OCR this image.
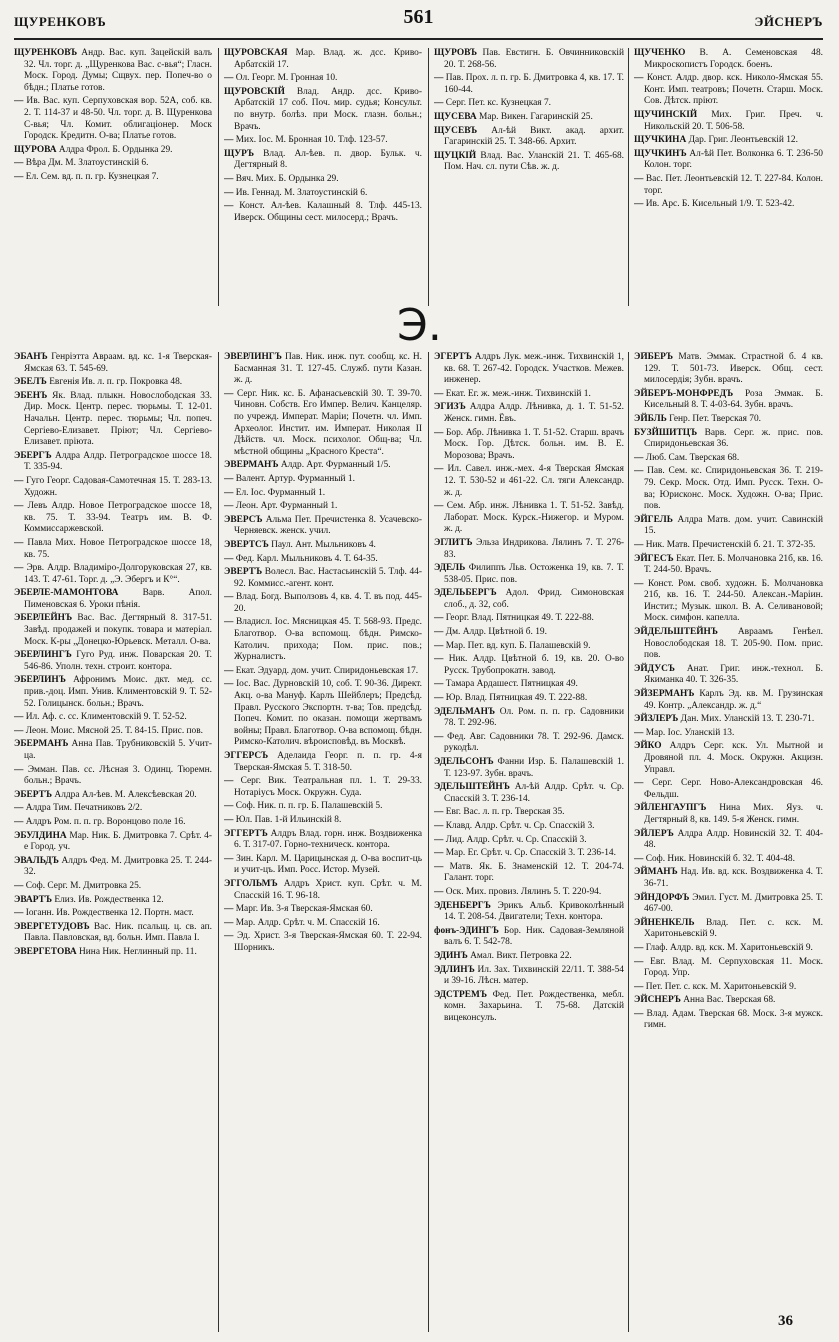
ЩУРЕНКОВЪ	561	ЭЙСНЕРЪ
ЩУРЕНКОВЪ Андр. Вас. куп. Зацейскій валъ 32. Чл. торг. д. „Щуренкова Вас. с-вья“; Гласн. Моск. Город. Думы; Сщвух. пер. Попеч-во о бѣдн.; Платье готов.
— Ив. Вас. куп. Серпуховская вор. 52А, соб. кв. 2. Т. 114-37 и 48-50. Чл. торг. д. В. Щуренкова С-вья; Чл. Комит. облигаціонер. Моск Городск. Кредитн. О-ва; Платье готов.
ЩУРОВА Алдра Фрол. Б. Ордынка 29.
— Вѣра Дм. М. Златоустинскій 6.
— Ел. Сем. вд. п. п. гр. Кузнецкая 7.
ЩУРОВСКАЯ Мар. Влад. ж. дсс. Криво-Арбатскій 17.
— Ол. Георг. М. Гронная 10.
ЩУРОВСКІЙ Влад. Андр. дсс. Криво-Арбатскій 17 соб. Поч. мир. судья; Консульт. по внутр. болѣз. при Моск. глазн. больн.; Врачъ.
— Мих. Іос. М. Бронная 10. Тлф. 123-57.
ЩУРЪ Влад. Ал-ѣев. п. двор. Бульк. ч. Дегтярный 8.
— Вяч. Мих. Б. Ордынка 29.
— Ив. Геннад. М. Златоустинскій 6.
— Конст. Ал-ѣев. Калашный 8. Тлф. 445-13. Иверск. Общины сест. милосерд.; Врачъ.
ЩУРОВЪ Пав. Евстигн. Б. Овчинниковскій 20. Т. 268-56.
— Пав. Прох. л. п. гр. Б. Дмитровка 4, кв. 17. Т. 160-44.
— Серг. Пет. кс. Кузнецкая 7.
ЩУСЕВА Мар. Викен. Гагаринскій 25.
ЩУСЕВЪ Ал-ѣй Викт. акад. архит. Гагаринскій 25. Т. 348-66. Архит.
ЩУЦКІЙ Влад. Вас. Уланскій 21. Т. 465-68. Пом. Нач. сл. пути Сѣв. ж. д.
ЩУЧЕНКО В. А. Семеновская 48. Микроскопистъ Городск. боенъ.
— Конст. Алдр. двор. кск. Николо-Ямская 55. Конт. Имп. театровъ; Почетн. Старш. Моск. Сов. Дѣтск. пріют.
ЩУЧИНСКІЙ Мих. Григ. Преч. ч. Никольскій 20. Т. 506-58.
ЩУЧКИНА Дар. Григ. Леонтьевскій 12.
ЩУЧКИНЪ Ал-ѣй Пет. Волконка 6. Т. 236-50 Колон. торг.
— Вас. Пет. Леонтьевскій 12. Т. 227-84. Колон. торг.
— Ив. Арс. Б. Кисельный 1/9. Т. 523-42.
Э.
ЭБАНЪ Генріэтта Авраам. вд. кс. 1-я Тверская-Ямская 63. Т. 545-69.
ЭБЕЛЪ Евгенія Ив. л. п. гр. Покровка 48.
ЭБЕНЪ Як. Влад. плыкн. Новослободская 33. Дир. Моск. Центр. перес. тюрьмы. Т. 12-01. Начальн. Центр. перес. тюрьмы; Чл. попеч. Сергіево-Елизавет. Пріют; Чл. Сергіево-Елизавет. пріюта.
ЭБЕРГЪ Алдра Алдр. Петроградское шоссе 18. Т. 335-94.
— Гуго Георг. Садовая-Самотечная 15. Т. 283-13. Художн.
— Левъ Алдр. Новое Петроградское шоссе 18, кв. 75. Т. 33-94. Театръ им. В. Ф. Коммиссаржевской.
— Павла Мих. Новое Петроградское шоссе 18, кв. 75.
— Эрв. Алдр. Владиміро-Долгоруковская 27, кв. 143. Т. 47-61. Торг. д. „Э. Эбергъ и К°“.
ЭБЕРЛЕ-МАМОНТОВА Варв. Апол. Пименовская 6. Уроки пѣнія.
ЭБЕРЛЕЙНЪ Вас. Вас. Дегтярный 8. 317-51. Завѣд. продажей и покупк. товара и матеріал. Моск. К-ры „Донецко-Юрьевск. Металл. О-ва.
ЭБЕРЛИНГЪ Гуго Руд. инж. Поварская 20. Т. 546-86. Уполн. техн. строит. контора.
ЭБЕРЛИНЪ Афронимъ Моис. дкт. мед. сс. прив.-доц. Имп. Унив. Климентовскій 9. Т. 52-52. Голицынск. больн.; Врачъ.
— Ил. Аф. с. сс. Климентовскій 9. Т. 52-52.
— Леон. Моис. Мясной 25. Т. 84-15. Прис. пов.
ЭБЕРМАНЪ Анна Пав. Трубниковскій 5. Учит-ца.
— Эмман. Пав. сс. Лѣсная 3. Одинц. Тюремн. больн.; Врачъ.
ЭБЕРТЪ Алдра Ал-ѣев. М. Алексѣевская 20.
— Алдра Тим. Печатниковъ 2/2.
— Алдръ Ром. п. п. гр. Воронцово поле 16.
ЭБУЛДИНА Мар. Ник. Б. Дмитровка 7. Срѣт. 4-е Город. уч.
ЭВАЛЬДЪ Алдръ Фед. М. Дмитровка 25. Т. 244-32.
— Соф. Серг. М. Дмитровка 25.
ЭВАРТЪ Елиз. Ив. Рождественка 12.
— Іоганн. Ив. Рождественка 12. Портн. маст.
ЭВЕРГЕТУДОВЪ Вас. Ник. псальщ. ц. св. ап. Павла. Павловская, вд. больн. Имп. Павла I.
ЭВЕРГЕТОВА Нина Ник. Неглинный пр. 11.
ЭВЕРЛИНГЪ Пав. Ник. инж. пут. сообщ. кс. Н. Басманная 31. Т. 127-45. Служб. пути Казан. ж. д.
— Серг. Ник. кс. Б. Афанасьевскій 30. Т. 39-70. Чиновн. Собств. Его Импер. Велич. Канцеляр. по учрежд. Императ. Маріи; Почетн. чл. Имп. Археолог. Инстит. им. Императ. Николая II Дѣйств. чл. Моск. психолог. Общ-ва; Чл. мѣстной общины „Красного Креста“.
ЭВЕРМАНЪ Алдр. Арт. Фурманный 1/5.
— Валент. Артур. Фурманный 1.
— Ел. Іос. Фурманный 1.
— Леон. Арт. Фурманный 1.
ЭВЕРСЪ Альма Пет. Пречистенка 8. Усачевско-Черняевск. женск. учил.
ЭВЕРТСЪ Паул. Ант. Мыльниковъ 4.
— Фед. Карл. Мыльниковъ 4. Т. 64-35.
ЭВЕРТЪ Волесл. Вас. Настасьинскій 5. Тлф. 44-92. Коммисс.-агент. конт.
— Влад. Богд. Выползовъ 4, кв. 4. Т. въ под. 445-20.
— Владисл. Іос. Мясницкая 45. Т. 568-93. Предс. Благотвор. О-ва вспомощ. бѣдн. Римско-Католич. прихода; Пом. прис. пов.; Журналистъ.
— Екат. Эдуард. дом. учит. Спиридоньевская 17.
— Іос. Вас. Дурновскій 10, соб. Т. 90-36. Директ. Акц. о-ва Мануф. Карлъ Шейблеръ; Предсѣд. Правл. Русского Экспортн. т-ва; Тов. предсѣд. Попеч. Комит. по оказан. помощи жертвамъ войны; Правл. Благотвор. О-ва вспомощ. бѣдн. Римско-Католич. вѣроисповѣд. въ Москвѣ.
ЭГГЕРСЪ Аделаида Георг. п. п. гр. 4-я Тверская-Ямская 5. Т. 318-50.
— Серг. Вик. Театральная пл. 1. Т. 29-33. Нотаріусъ Моск. Окружн. Суда.
— Соф. Ник. п. п. гр. Б. Палашевскій 5.
— Юл. Пав. 1-й Ильинскій 8.
ЭГГЕРТЪ Алдръ Влад. горн. инж. Воздвиженка 6. Т. 317-07. Горно-техническ. контора.
— Зин. Карл. М. Царицынская д. О-ва воспит-ць и учит-цъ. Имп. Росс. Истор. Музей.
ЭГГОЛЬМЪ Алдръ Христ. куп. Срѣт. ч. М. Спасскій 16. Т. 96-18.
— Марг. Ив. 3-я Тверская-Ямская 60.
— Мар. Алдр. Срѣт. ч. М. Спасскій 16.
— Эд. Христ. 3-я Тверская-Ямская 60. Т. 22-94. Шорникъ.
ЭГЕРТЪ Алдръ Лук. меж.-инж. Тихвинскій 1, кв. 68. Т. 267-42. Городск. Участков. Межев. инженер.
— Екат. Ег. ж. меж.-инж. Тихвинскій 1.
ЭГИЗЪ Алдра Алдр. Лѣнивка, д. 1. Т. 51-52. Женск. гимн. Ёвъ.
— Бор. Абр. Лѣнивка 1. Т. 51-52. Старш. врачъ Моск. Гор. Дѣтск. больн. им. В. Е. Морозова; Врачъ.
— Ил. Савел. инж.-мех. 4-я Тверская Ямская 12. Т. 530-52 и 461-22. Сл. тяги Александр. ж. д.
— Сем. Абр. инж. Лѣнивка 1. Т. 51-52. Завѣд. Лаборат. Моск. Курск.-Нижегор. и Муром. ж. д.
ЭГЛИТЪ Эльза Индрикова. Лялинъ 7. Т. 276-83.
ЭДЕЛЬ Филиппъ Льв. Остоженка 19, кв. 7. Т. 538-05. Прис. пов.
ЭДЕЛЬБЕРГЪ Адол. Фрид. Симоновская слоб., д. 32, соб.
— Георг. Влад. Пятницкая 49. Т. 222-88.
— Дм. Алдр. Цвѣтной б. 19.
— Мар. Пет. вд. куп. Б. Палашевскій 9.
— Ник. Алдр. Цвѣтной б. 19, кв. 20. О-во Русск. Трубопрокатн. завод.
— Тамара Ардашест. Пятницкая 49.
— Юр. Влад. Пятницкая 49. Т. 222-88.
ЭДЕЛЬМАНЪ Ол. Ром. п. п. гр. Садовники 78. Т. 292-96.
— Фед. Авг. Садовники 78. Т. 292-96. Дамск. рукодѣл.
ЭДЕЛЬСОНЪ Фанни Изр. Б. Палашевскій 1. Т. 123-97. Зубн. врачъ.
ЭДЕЛЬШТЕЙНЪ Ал-ѣй Алдр. Срѣт. ч. Ср. Спасскій 3. Т. 236-14.
— Евг. Вас. л. п. гр. Тверская 35.
— Клавд. Алдр. Срѣт. ч. Ср. Спасскій 3.
— Лид. Алдр. Срѣт. ч. Ср. Спасскій 3.
— Мар. Ег. Срѣт. ч. Ср. Спасскій 3. Т. 236-14.
— Матв. Як. Б. Знаменскій 12. Т. 204-74. Галант. торг.
— Оск. Мих. провиз. Лялинъ 5. Т. 220-94.
ЭДЕНБЕРГЪ Эрикъ Альб. Кривоколѣнный 14. Т. 208-54. Двигатели; Техн. контора.
фонъ-ЭДИНГЪ Бор. Ник. Садовая-Земляной валъ 6. Т. 542-78.
ЭДИНЪ Амал. Викт. Петровка 22.
ЭДЛИНЪ Ил. Зах. Тихвинскій 22/11. Т. 388-54 и 39-16. Лѣсн. матер.
ЭДСТРЕМЪ Фед. Пет. Рождественка, мебл. комн. Захарьина. Т. 75-68. Датскій вицеконсулъ.
ЭЙБЕРЪ Матв. Эммак. Страстной б. 4 кв. 129. Т. 501-73. Иверск. Общ. сест. милосердія; Зубн. врачъ.
ЭЙБЕРЪ-МОНФРЕДЪ Роза Эммак. Б. Кисельный 8. Т. 4-03-64. Зубн. врачъ.
ЭЙБЛЬ Генр. Пет. Тверская 70.
БУЗЙШИТЦЪ Варв. Серг. ж. прис. пов. Спиридоньевская 36.
— Люб. Сам. Тверская 68.
— Пав. Сем. кс. Спиридоньевская 36. Т. 219-79. Секр. Моск. Отд. Имп. Русск. Техн. О-ва; Юрисконс. Моск. Художн. О-ва; Прис. пов.
ЭЙГЕЛЬ Алдра Матв. дом. учит. Савинскій 15.
— Ник. Матв. Пречистенскій б. 21. Т. 372-35.
ЭЙГЕСЪ Екат. Пет. Б. Молчановка 21б, кв. 16. Т. 244-50. Врачъ.
— Конст. Ром. своб. художн. Б. Молчановка 21б, кв. 16. Т. 244-50. Алексан.-Маріин. Инстит.; Музык. школ. В. А. Селивановой; Моск. симфон. капелла.
ЭЙДЕЛЬШТЕЙНЪ Авраамъ Генѣел. Новослободская 18. Т. 205-90. Пом. прис. пов.
ЭЙДУСЪ Анат. Григ. инж.-технол. Б. Якиманка 40. Т. 326-35.
ЭЙЗЕРМАНЪ Карлъ Эд. кв. М. Грузинская 49. Контр. „Александр. ж. д.“
ЭЙЗЛЕРЪ Дан. Мих. Уланскій 13. Т. 230-71.
— Мар. Іос. Уланскій 13.
ЭЙКО Алдръ Серг. кск. Ул. Мытной и Дровяной пл. 4. Моск. Окружн. Акцизн. Управл.
— Серг. Серг. Ново-Александровская 46. Фельдш.
ЭЙЛЕНГАУПГЪ Нина Мих. Яуз. ч. Дегтярный 8, кв. 149. 5-я Женск. гимн.
ЭЙЛЕРЪ Алдра Алдр. Новинскій 32. Т. 404-48.
— Соф. Ник. Новинскій б. 32. Т. 404-48.
ЭЙМАНЪ Над. Ив. вд. кск. Воздвиженка 4. Т. 36-71.
ЭЙНДОРФЪ Эмил. Густ. М. Дмитровка 25. Т. 467-00.
ЭЙНЕНКЕЛЬ Влад. Пет. с. кск. М. Харитоньевскій 9.
— Глаф. Алдр. вд. кск. М. Харитоньевскій 9.
— Евг. Влад. М. Серпуховская 11. Моск. Город. Упр.
— Пет. Пет. с. кск. М. Харитоньевскій 9.
ЭЙСНЕРЪ Анна Вас. Тверская 68.
— Влад. Адам. Тверская 68. Моск. 3-я мужск. гимн.
36
